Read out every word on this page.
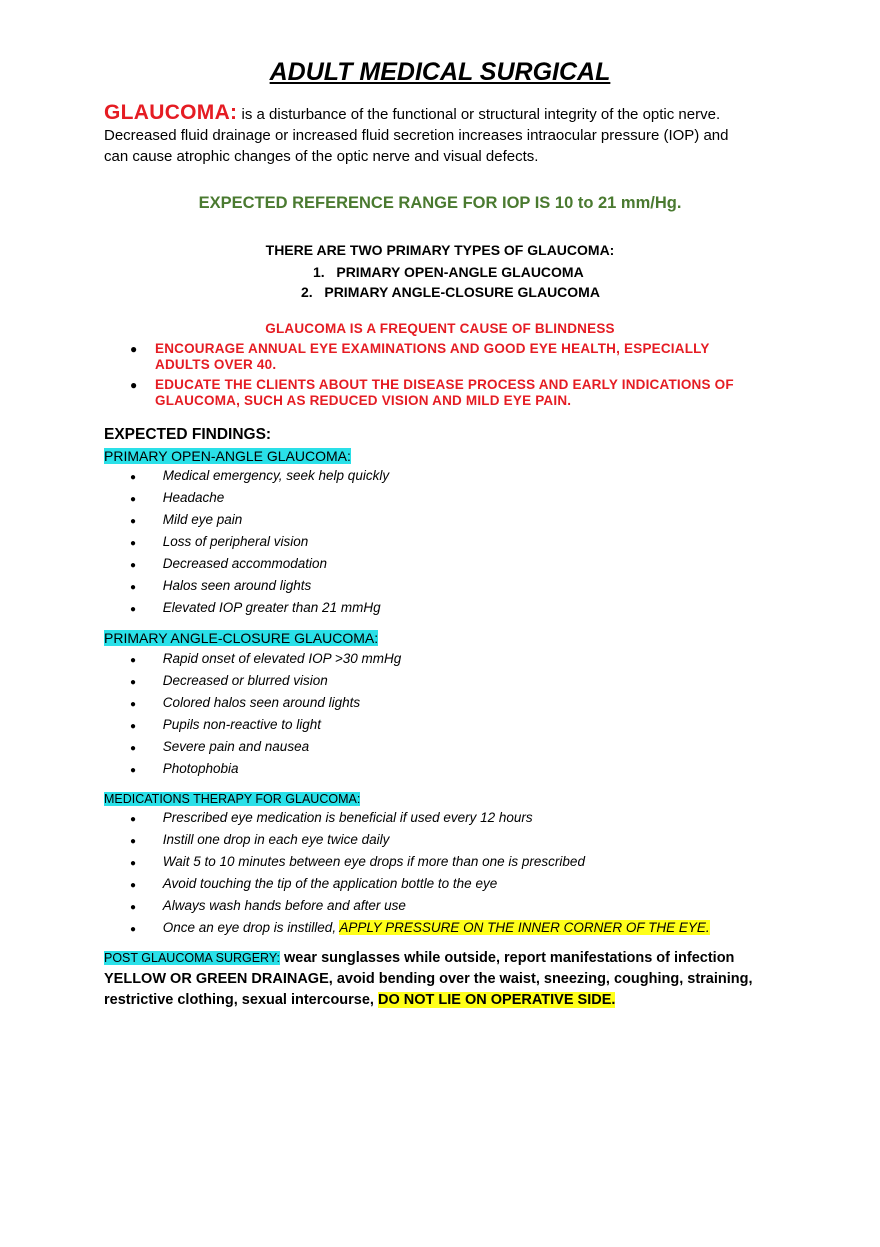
ADULT MEDICAL SURGICAL
GLAUCOMA: is a disturbance of the functional or structural integrity of the optic nerve.
Decreased fluid drainage or increased fluid secretion increases intraocular pressure (IOP) and
can cause atrophic changes of the optic nerve and visual defects.
EXPECTED REFERENCE RANGE FOR IOP IS 10 to 21 mm/Hg.
THERE ARE TWO PRIMARY TYPES OF GLAUCOMA:
1. PRIMARY OPEN-ANGLE GLAUCOMA
2. PRIMARY ANGLE-CLOSURE GLAUCOMA
GLAUCOMA IS A FREQUENT CAUSE OF BLINDNESS
● ENCOURAGE ANNUAL EYE EXAMINATIONS AND GOOD EYE HEALTH, ESPECIALLY
ADULTS OVER 40.
● EDUCATE THE CLIENTS ABOUT THE DISEASE PROCESS AND EARLY INDICATIONS OF
GLAUCOMA, SUCH AS REDUCED VISION AND MILD EYE PAIN.
EXPECTED FINDINGS:
PRIMARY OPEN-ANGLE GLAUCOMA:
● Medical emergency, seek help quickly
● Headache
● Mild eye pain
● Loss of peripheral vision
● Decreased accommodation
● Halos seen around lights
● Elevated IOP greater than 21 mmHg
PRIMARY ANGLE-CLOSURE GLAUCOMA:
● Rapid onset of elevated IOP >30 mmHg
● Decreased or blurred vision
● Colored halos seen around lights
● Pupils non-reactive to light
● Severe pain and nausea
● Photophobia
MEDICATIONS THERAPY FOR GLAUCOMA:
● Prescribed eye medication is beneficial if used every 12 hours
● Instill one drop in each eye twice daily
● Wait 5 to 10 minutes between eye drops if more than one is prescribed
● Avoid touching the tip of the application bottle to the eye
● Always wash hands before and after use
● Once an eye drop is instilled, APPLY PRESSURE ON THE INNER CORNER OF THE EYE.
POST GLAUCOMA SURGERY: wear sunglasses while outside, report manifestations of infection
YELLOW OR GREEN DRAINAGE, avoid bending over the waist, sneezing, coughing, straining,
restrictive clothing, sexual intercourse, DO NOT LIE ON OPERATIVE SIDE.
